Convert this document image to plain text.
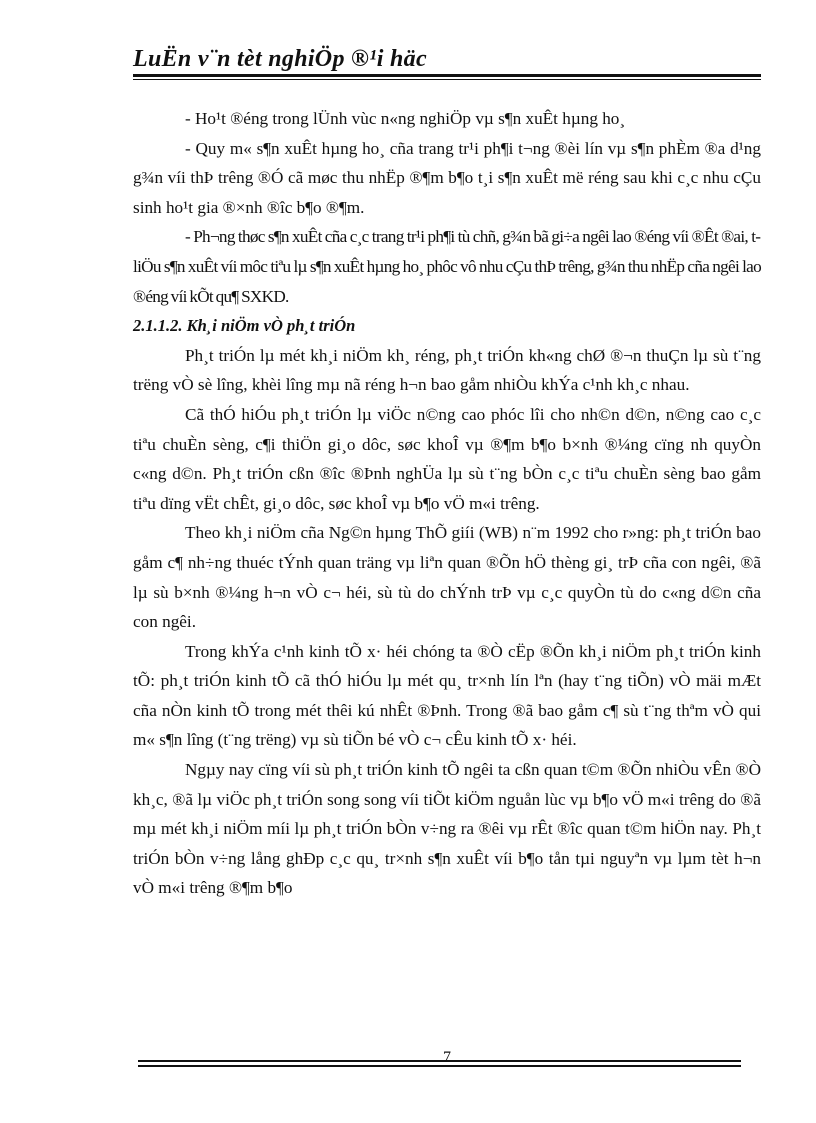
LuËn v¨n tèt nghiÖp ®¹i häc

- Ho¹t ®éng trong lÜnh vùc n«ng nghiÖp vµ s¶n xuÊt hµng ho¸

- Quy m« s¶n xuÊt hµng ho¸ cña trang tr¹i ph¶i t¬ng ®èi lín vµ s¶n phÈm ®a d¹ng g¾n víi thÞ trêng ®Ó cã møc thu nhËp ®¶m b¶o t¸i s¶n xuÊt më réng sau khi c¸c nhu cÇu sinh ho¹t gia ®×nh ®îc b¶o ®¶m.

- Ph¬ng thøc s¶n xuÊt cña c¸c trang tr¹i ph¶i tù chñ, g¾n bã gi÷a ngêi lao ®éng víi ®Êt ®ai, t liÖu s¶n xuÊt víi môc tiªu lµ s¶n xuÊt hµng ho¸ phôc vô nhu cÇu thÞ trêng, g¾n thu nhËp cña ngêi lao ®éng víi kÕt qu¶ SXKD.

2.1.1.2. Kh¸i niÖm vÒ ph¸t triÓn

Ph¸t triÓn lµ mét kh¸i niÖm kh¸ réng, ph¸t triÓn kh«ng chØ ®¬n thuÇn lµ sù t¨ng trëng vÒ sè lîng, khèi lîng mµ nã réng h¬n bao gåm nhiÒu khÝa c¹nh kh¸c nhau.

Cã thÓ hiÓu ph¸t triÓn lµ viÖc n©ng cao phóc lîi cho nh©n d©n, n©ng cao c¸c tiªu chuÈn sèng, c¶i thiÖn gi¸o dôc, søc khoÎ vµ ®¶m b¶o b×nh ®¼ng cïng nh quyÒn c«ng d©n. Ph¸t triÓn cßn ®îc ®Þnh nghÜa lµ sù t¨ng bÒn c¸c tiªu chuÈn sèng bao gåm tiªu dïng vËt chÊt, gi¸o dôc, søc khoÎ vµ b¶o vÖ m«i trêng.

Theo kh¸i niÖm cña Ng©n hµng ThÕ giíi (WB) n¨m 1992 cho r»ng: ph¸t triÓn bao gåm c¶ nh÷ng thuéc tÝnh quan träng vµ liªn quan ®Õn hÖ thèng gi¸ trÞ cña con ngêi, ®ã lµ sù b×nh ®¼ng h¬n vÒ c¬ héi, sù tù do chÝnh trÞ vµ c¸c quyÒn tù do c«ng d©n cña con ngêi.

Trong khÝa c¹nh kinh tÕ x· héi chóng ta ®Ò cËp ®Õn kh¸i niÖm ph¸t triÓn kinh tÕ: ph¸t triÓn kinh tÕ cã thÓ hiÓu lµ mét qu¸ tr×nh lín lªn (hay t¨ng tiÕn) vÒ mäi mÆt cña nÒn kinh tÕ trong mét thêi kú nhÊt ®Þnh. Trong ®ã bao gåm c¶ sù t¨ng thªm vÒ qui m« s¶n lîng (t¨ng trëng) vµ sù tiÕn bé vÒ c¬ cÊu kinh tÕ x· héi.

Ngµy nay cïng víi sù ph¸t triÓn kinh tÕ ngêi ta cßn quan t©m ®Õn nhiÒu vÊn ®Ò kh¸c, ®ã lµ viÖc ph¸t triÓn song song víi tiÕt kiÖm nguån lùc vµ b¶o vÖ m«i trêng do ®ã mµ mét kh¸i niÖm míi lµ ph¸t triÓn bÒn v÷ng ra ®êi vµ rÊt ®îc quan t©m hiÖn nay. Ph¸t triÓn bÒn v÷ng lång ghÐp c¸c qu¸ tr×nh s¶n xuÊt víi b¶o tån tµi nguyªn vµ lµm tèt h¬n vÒ m«i trêng ®¶m b¶o

7
